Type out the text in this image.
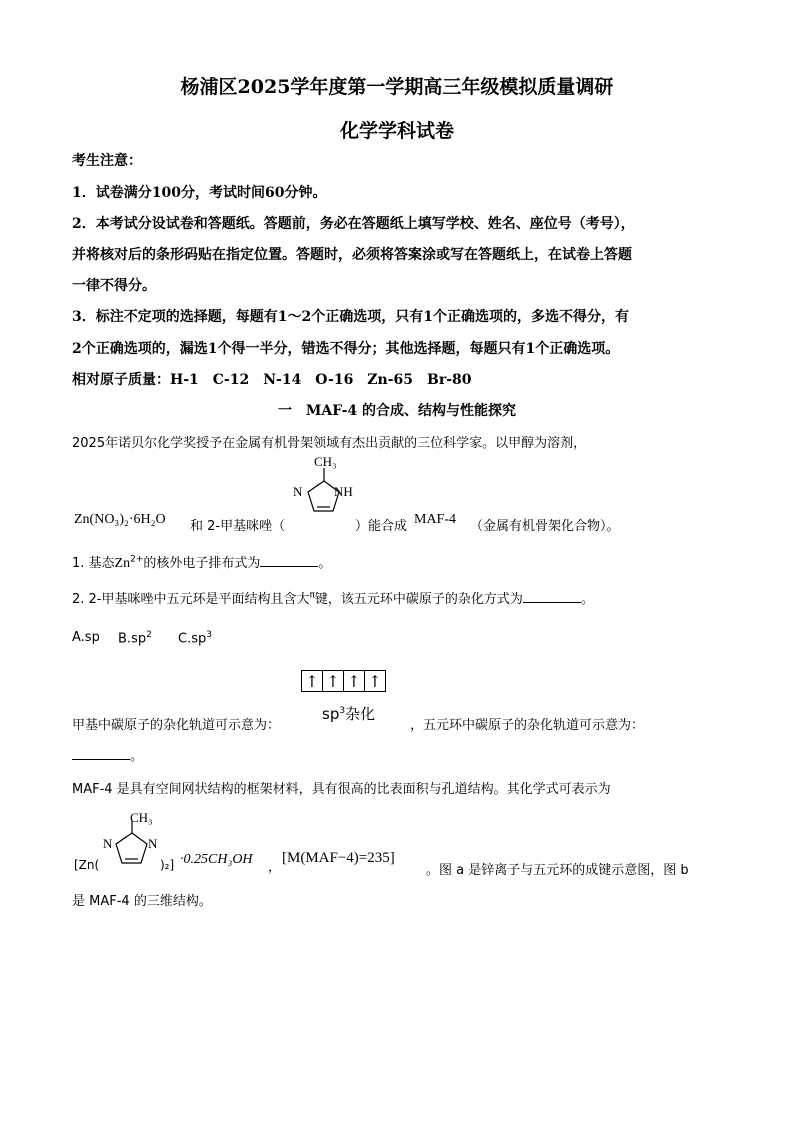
杨浦区2025学年度第一学期高三年级模拟质量调研
化学学科试卷
考生注意：
1．试卷满分100分，考试时间60分钟。
2．本考试分设试卷和答题纸。答题前，务必在答题纸上填写学校、姓名、座位号（考号），
并将核对后的条形码贴在指定位置。答题时，必须将答案涂或写在答题纸上，在试卷上答题
一律不得分。
3．标注不定项的选择题，每题有1～2个正确选项，只有1个正确选项的，多选不得分，有
2个正确选项的，漏选1个得一半分，错选不得分；其他选择题，每题只有1个正确选项。
相对原子质量：H-1　C-12　N-14　O-16　Zn-65　Br-80
一　MAF-4 的合成、结构与性能探究
2025年诺贝尔化学奖授予在金属有机骨架领域有杰出贡献的三位科学家。以甲醇为溶剂，
CH₃
N NH
Zn(NO₃)₂·6H₂O 和 2-甲基咪唑（	）能合成 MAF-4 （金属有机骨架化合物）。
1. 基态$Zn^{2+}$的核外电子排布式为	。
2. 2-甲基咪唑中五元环是平面结构且含大$^\pi$键，该五元环中碳原子的杂化方式为	。
A.sp $B.sp^2$ $C.sp^3$
↑ ↑ ↑ ↑
$sp^3$杂化
甲基中碳原子的杂化轨道可示意为：	，五元环中碳原子的杂化轨道可示意为：
。
MAF-4 是具有空间网状结构的框架材料，具有很高的比表面积与孔道结构。其化学式可表示为
CH₃
N	N
[Zn(	)₂] ·0.25CH₃OH
，
[M(MAF−4)=235]
。图 a 是锌离子与五元环的成键示意图，图 b
是 MAF-4 的三维结构。
